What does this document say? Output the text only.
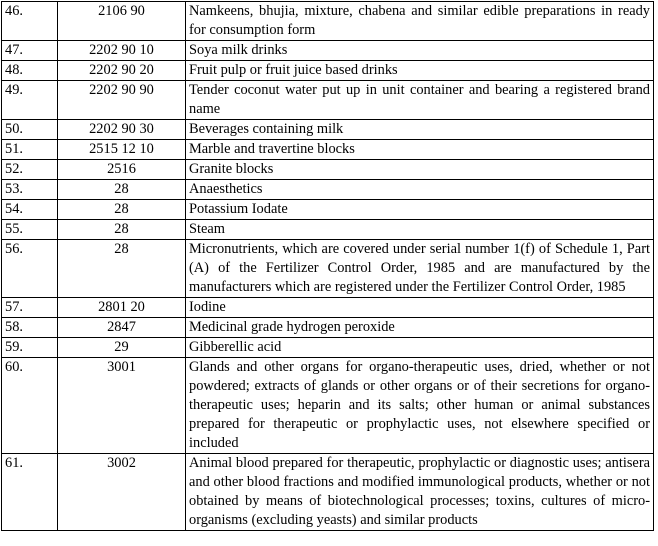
46.	2106 90	Namkeens, bhujia, mixture, chabena and similar edible preparations in ready for consumption form
47.	2202 90 10	Soya milk drinks
48.	2202 90 20	Fruit pulp or fruit juice based drinks
49.	2202 90 90	Tender coconut water put up in unit container and bearing a registered brand name
50.	2202 90 30	Beverages containing milk
51.	2515 12 10	Marble and travertine blocks
52.	2516	Granite blocks
53.	28	Anaesthetics
54.	28	Potassium Iodate
55.	28	Steam
56.	28	Micronutrients, which are covered under serial number 1(f) of Schedule 1, Part (A) of the Fertilizer Control Order, 1985 and are manufactured by the manufacturers which are registered under the Fertilizer Control Order, 1985
57.	2801 20	Iodine
58.	2847	Medicinal grade hydrogen peroxide
59.	29	Gibberellic acid
60.	3001	Glands and other organs for organo-therapeutic uses, dried, whether or not powdered; extracts of glands or other organs or of their secretions for organo-therapeutic uses; heparin and its salts; other human or animal substances prepared for therapeutic or prophylactic uses, not elsewhere specified or included
61.	3002	Animal blood prepared for therapeutic, prophylactic or diagnostic uses; antisera and other blood fractions and modified immunological products, whether or not obtained by means of biotechnological processes; toxins, cultures of micro-organisms (excluding yeasts) and similar products
